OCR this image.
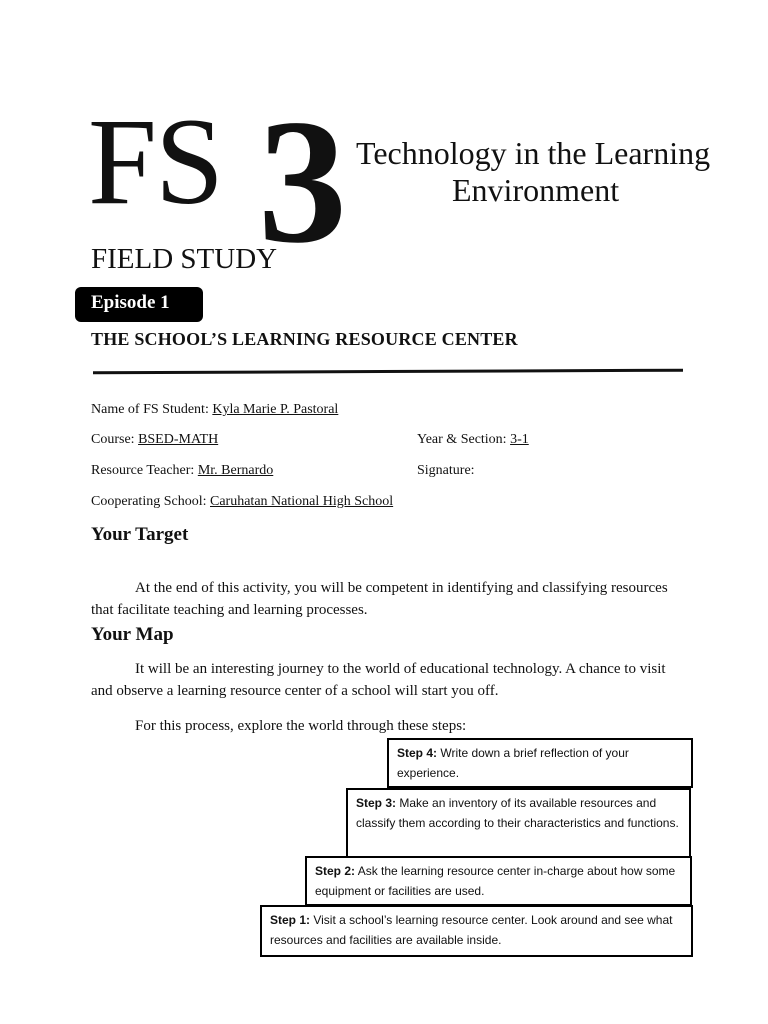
FS 3 Technology in the Learning
Environment
FIELD STUDY
Episode 1
THE SCHOOL’S LEARNING RESOURCE CENTER
Name of FS Student: Kyla Marie P. Pastoral
Course: BSED-MATH	Year & Section: 3-1
Resource Teacher: Mr. Bernardo	Signature:
Cooperating School: Caruhatan National High School
Your Target
At the end of this activity, you will be competent in identifying and classifying resources that facilitate teaching and learning processes.
Your Map
It will be an interesting journey to the world of educational technology. A chance to visit and observe a learning resource center of a school will start you off.
For this process, explore the world through these steps:
Step 4: Write down a brief reflection of your experience.
Step 3: Make an inventory of its available resources and classify them according to their characteristics and functions.
Step 2: Ask the learning resource center in-charge about how some equipment or facilities are used.
Step 1: Visit a school’s learning resource center. Look around and see what resources and facilities are available inside.
